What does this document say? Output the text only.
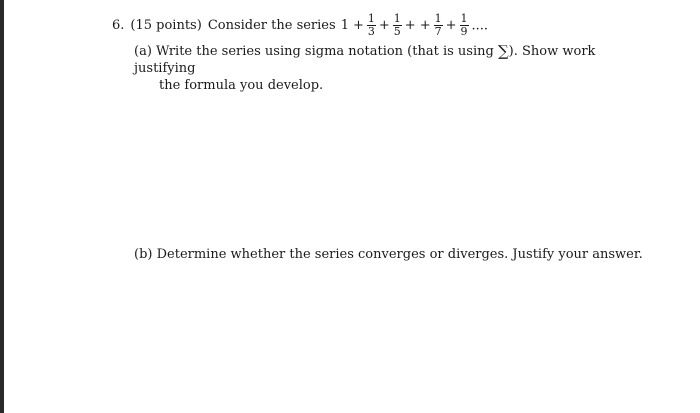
6. (15 points) Consider the series $1 + \frac{1}{3} + \frac{1}{5}$ + + $\frac{1}{7} + \frac{1}{9}$ ····
(a) Write the series using sigma notation (that is using ∑). Show work justifying
the formula you develop.
(b) Determine whether the series converges or diverges. Justify your answer.
